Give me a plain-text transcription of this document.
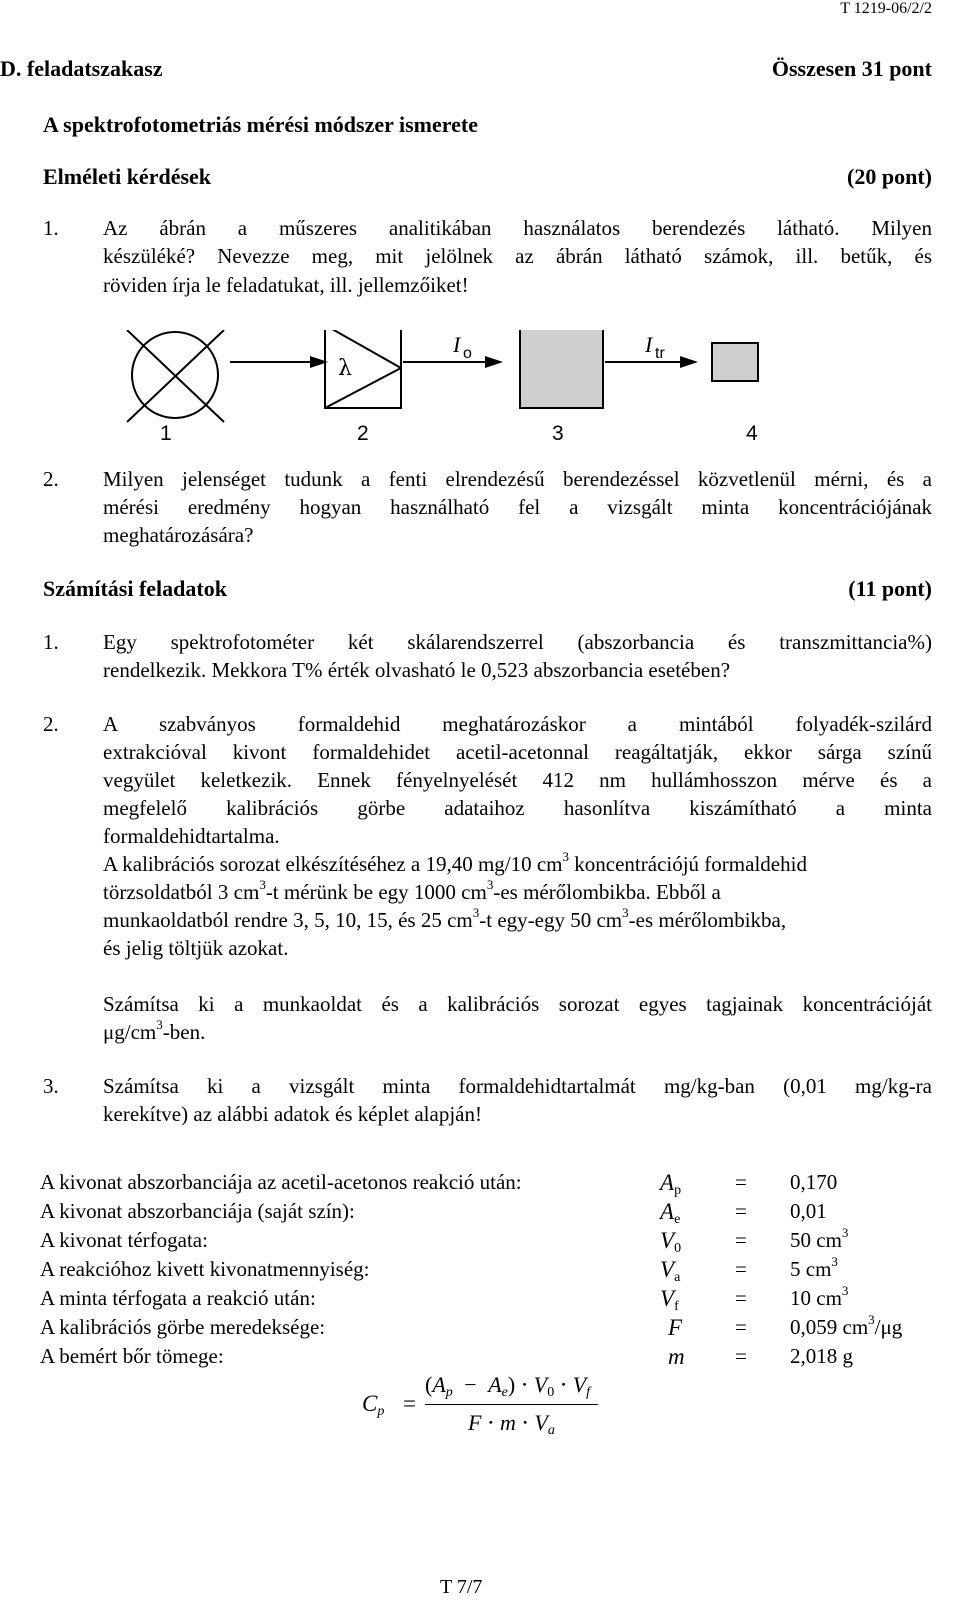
T 1219-06/2/2
D. feladatszakasz	Összesen 31 pont
A spektrofotometriás mérési módszer ismerete
Elméleti kérdések	(20 pont)
1. Az ábrán a műszeres analitikában használatos berendezés látható. Milyen
készüléké? Nevezze meg, mit jelölnek az ábrán látható számok, ill. betűk, és
röviden írja le feladatukat, ill. jellemzőiket!
λ
I o	I tr
1	2	3	4
2. Milyen jelenséget tudunk a fenti elrendezésű berendezéssel közvetlenül mérni, és a
mérési eredmény hogyan használható fel a vizsgált minta koncentrációjának
meghatározására?
Számítási feladatok	(11 pont)
1. Egy spektrofotométer két skálarendszerrel (abszorbancia és transzmittancia%)
rendelkezik. Mekkora T% érték olvasható le 0,523 abszorbancia esetében?
2. A szabványos formaldehid meghatározáskor a mintából folyadék-szilárd
extrakcióval kivont formaldehidet acetil-acetonnal reagáltatják, ekkor sárga színű
vegyület keletkezik. Ennek fényelnyelését 412 nm hullámhosszon mérve és a
megfelelő kalibrációs görbe adataihoz hasonlítva kiszámítható a minta
formaldehidtartalma.
A kalibrációs sorozat elkészítéséhez a 19,40 mg/10 $cm^3$ koncentrációjú formaldehid
törzsoldatból 3 $cm^3-t$ mérünk be egy 1000 $cm^3-es$ mérőlombikba. Ebből a
munkaoldatból rendre 3, 5, 10, 15, és 25 $cm^3-t$ egy-egy 50 $cm^3-es$ mérőlombikba,
és jelig töltjük azokat.
Számítsa ki a munkaoldat és a kalibrációs sorozat egyes tagjainak koncentrációját
$\mu g/cm^3$-ben.
3. Számítsa ki a vizsgált minta formaldehidtartalmát mg/kg-ban (0,01 mg/kg-ra
kerekítve) az alábbi adatok és képlet alapján!
A kivonat abszorbanciája az acetil-acetonos reakció után:	$A_p$	= 0,170
A kivonat abszorbanciája (saját szín):	$A_e$	= 0,01
A kivonat térfogata:	$V_0$	= 50 $cm^3$
A reakcióhoz kivett kivonatmennyiség:	$V_a$	= 5 $cm^3$
A minta térfogata a reakció után:	$V_f$	= 10 $cm^3$
A kalibrációs görbe meredeksége:	F	= 0,059 $cm^3/\mu g$
A bemért bőr tömege:	m = 2,018 g
$C_p$ =
$(A_p - A_e) \cdot V_0 \cdot V_f$
$F \cdot m \cdot V_a$
T 7/7
